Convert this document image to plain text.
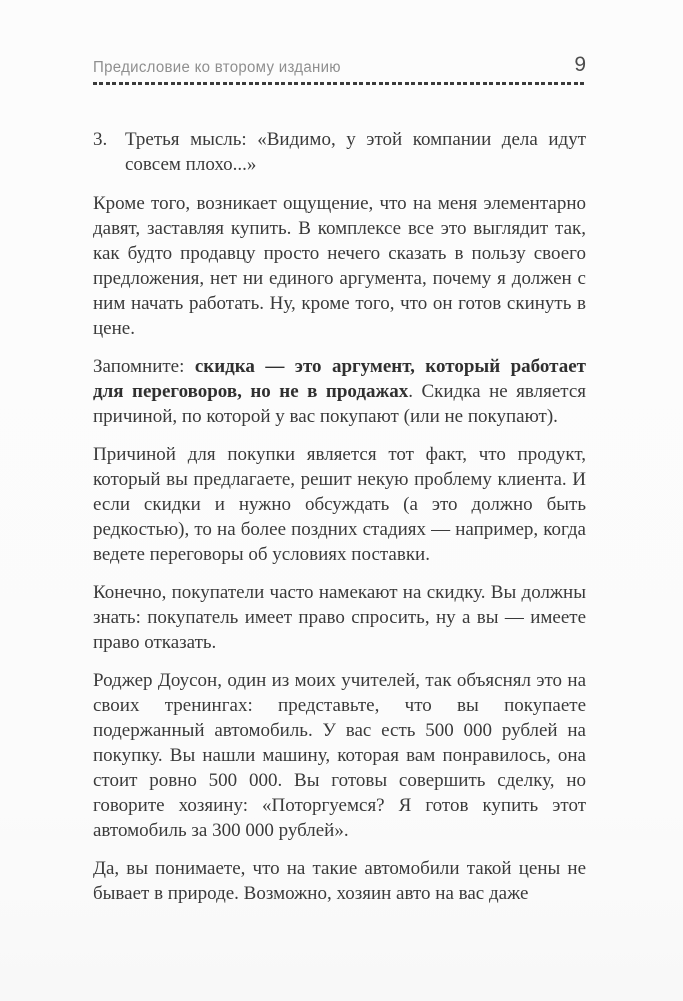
Предисловие ко второму изданию	9
3. Третья мысль: «Видимо, у этой компании дела идут совсем плохо...»

Кроме того, возникает ощущение, что на меня элементарно давят, заставляя купить. В комплексе все это выглядит так, как будто продавцу просто нечего сказать в пользу своего предложения, нет ни единого аргумента, почему я должен с ним начать работать. Ну, кроме того, что он готов скинуть в цене.

Запомните: скидка — это аргумент, который работает для переговоров, но не в продажах. Скидка не является причиной, по которой у вас покупают (или не покупают).

Причиной для покупки является тот факт, что продукт, который вы предлагаете, решит некую проблему клиента. И если скидки и нужно обсуждать (а это должно быть редкостью), то на более поздних стадиях — например, когда ведете переговоры об условиях поставки.

Конечно, покупатели часто намекают на скидку. Вы должны знать: покупатель имеет право спросить, ну а вы — имеете право отказать.

Роджер Доусон, один из моих учителей, так объяснял это на своих тренингах: представьте, что вы покупаете подержанный автомобиль. У вас есть 500 000 рублей на покупку. Вы нашли машину, которая вам понравилось, она стоит ровно 500 000. Вы готовы совершить сделку, но говорите хозяину: «Поторгуемся? Я готов купить этот автомобиль за 300 000 рублей».

Да, вы понимаете, что на такие автомобили такой цены не бывает в природе. Возможно, хозяин авто на вас даже
